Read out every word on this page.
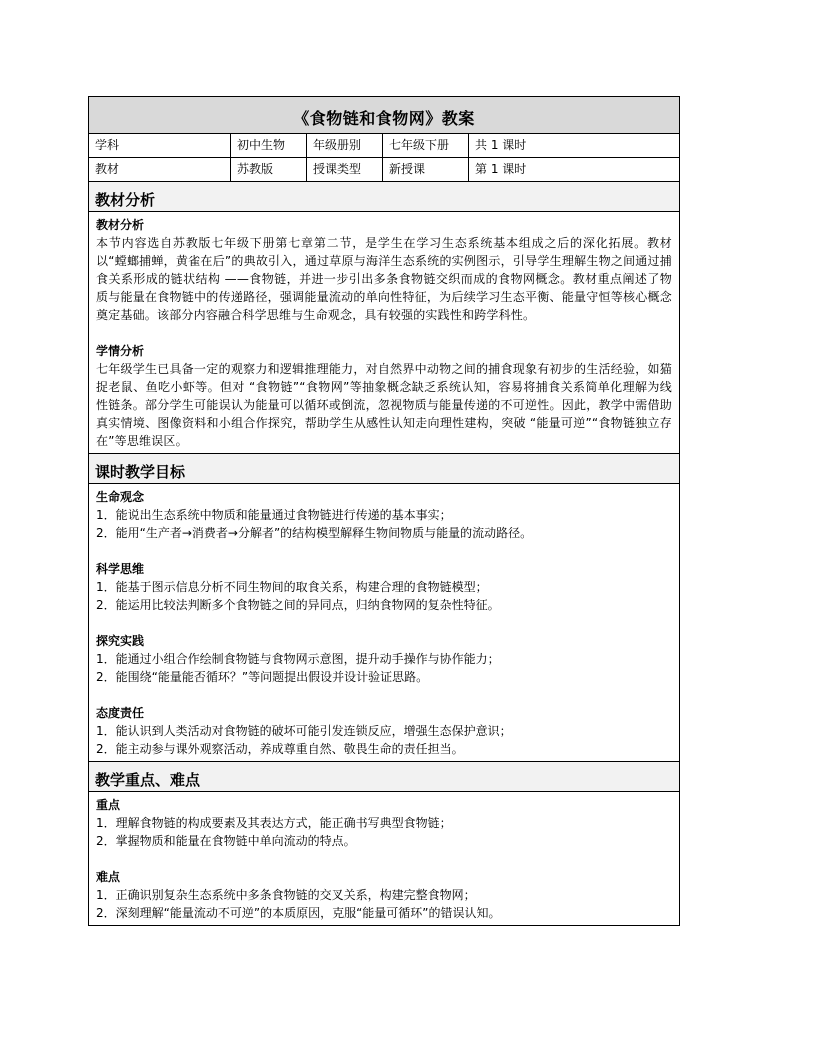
《食物链和食物网》教案
学科	初中生物	年级册别	七年级下册	共 1 课时
教材	苏教版	授课类型	新授课	第 1 课时
教材分析
教材分析
本节内容选自苏教版七年级下册第七章第二节，是学生在学习生态系统基本组成之后的深化拓展。教材以“螳螂捕蝉，黄雀在后”的典故引入，通过草原与海洋生态系统的实例图示，引导学生理解生物之间通过捕食关系形成的链状结构 ——食物链，并进一步引出多条食物链交织而成的食物网概念。教材重点阐述了物质与能量在食物链中的传递路径，强调能量流动的单向性特征，为后续学习生态平衡、能量守恒等核心概念奠定基础。该部分内容融合科学思维与生命观念，具有较强的实践性和跨学科性。
学情分析
七年级学生已具备一定的观察力和逻辑推理能力，对自然界中动物之间的捕食现象有初步的生活经验，如猫捉老鼠、鱼吃小虾等。但对 “食物链”“食物网”等抽象概念缺乏系统认知，容易将捕食关系简单化理解为线性链条。部分学生可能误认为能量可以循环或倒流，忽视物质与能量传递的不可逆性。因此，教学中需借助真实情境、图像资料和小组合作探究，帮助学生从感性认知走向理性建构，突破 “能量可逆”“食物链独立存在”等思维误区。
课时教学目标
生命观念
1．能说出生态系统中物质和能量通过食物链进行传递的基本事实；
2．能用“生产者→消费者→分解者”的结构模型解释生物间物质与能量的流动路径。
科学思维
1．能基于图示信息分析不同生物间的取食关系，构建合理的食物链模型；
2．能运用比较法判断多个食物链之间的异同点，归纳食物网的复杂性特征。
探究实践
1．能通过小组合作绘制食物链与食物网示意图，提升动手操作与协作能力；
2．能围绕“能量能否循环？”等问题提出假设并设计验证思路。
态度责任
1．能认识到人类活动对食物链的破坏可能引发连锁反应，增强生态保护意识；
2．能主动参与课外观察活动，养成尊重自然、敬畏生命的责任担当。
教学重点、难点
重点
1．理解食物链的构成要素及其表达方式，能正确书写典型食物链；
2．掌握物质和能量在食物链中单向流动的特点。
难点
1．正确识别复杂生态系统中多条食物链的交叉关系，构建完整食物网；
2．深刻理解“能量流动不可逆”的本质原因，克服“能量可循环”的错误认知。
